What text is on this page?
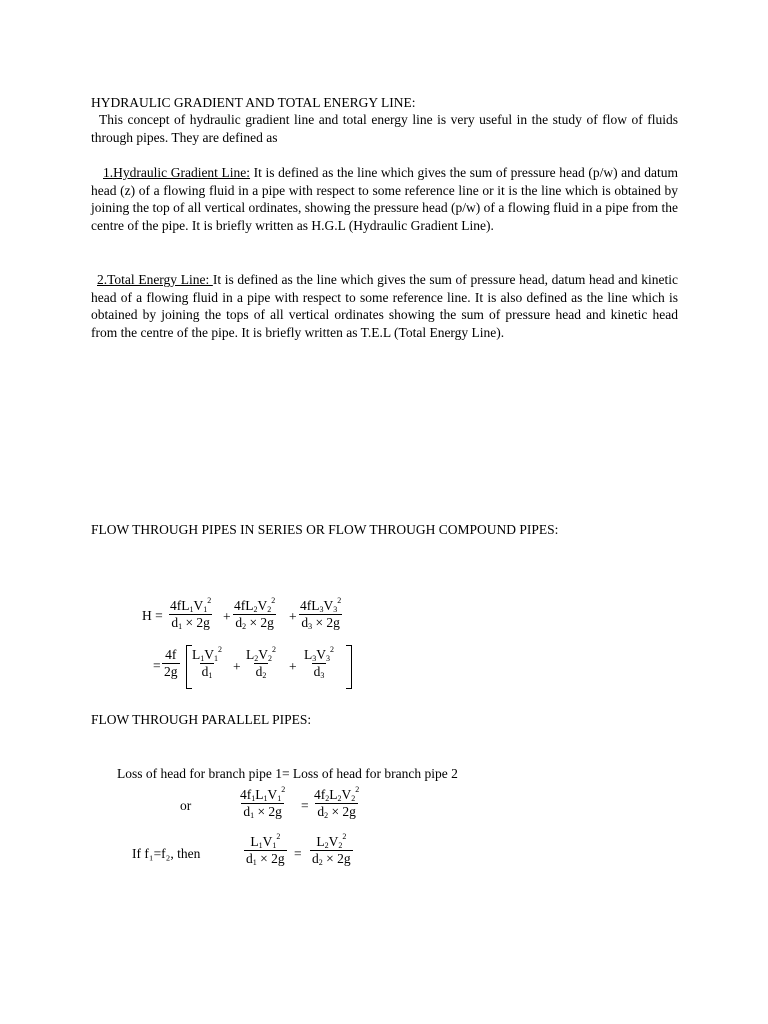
HYDRAULIC GRADIENT AND TOTAL ENERGY LINE:
This concept of hydraulic gradient line and total energy line is very useful in the study of flow of fluids through pipes. They are defined as
1.Hydraulic Gradient Line: It is defined as the line which gives the sum of pressure head (p/w) and datum head (z) of a flowing fluid in a pipe with respect to some reference line or it is the line which is obtained by joining the top of all vertical ordinates, showing the pressure head (p/w) of a flowing fluid in a pipe from the centre of the pipe. It is briefly written as H.G.L (Hydraulic Gradient Line).
2.Total Energy Line: It is defined as the line which gives the sum of pressure head, datum head and kinetic head of a flowing fluid in a pipe with respect to some reference line. It is also defined as the line which is obtained by joining the tops of all vertical ordinates showing the sum of pressure head and kinetic head from the centre of the pipe. It is briefly written as T.E.L (Total Energy Line).
FLOW THROUGH PIPES IN SERIES OR FLOW THROUGH COMPOUND PIPES:
$H = \frac{4fL_1V_1^2}{d_1 \times 2g} + \frac{4fL_2V_2^2}{d_2 \times 2g} + \frac{4fL_3V_3^2}{d_3 \times 2g}$
= $\frac{4f}{2g} \frac{L_1V_1^2}{d_1} + \frac{L_2V_2^2}{d_2} + \frac{L_3V_3^2}{d_3}$
FLOW THROUGH PARALLEL PIPES:
Loss of head for branch pipe 1= Loss of head for branch pipe 2
or	$\frac{4f_1L_1V_1^2}{d_1 \times 2g} = \frac{4f_2L_2V_2^2}{d_2 \times 2g}$
If f₁=f₂, then	$\frac{L_1V_1^2}{d_1 \times 2g} = \frac{L_2V_2^2}{d_2 \times 2g}$
